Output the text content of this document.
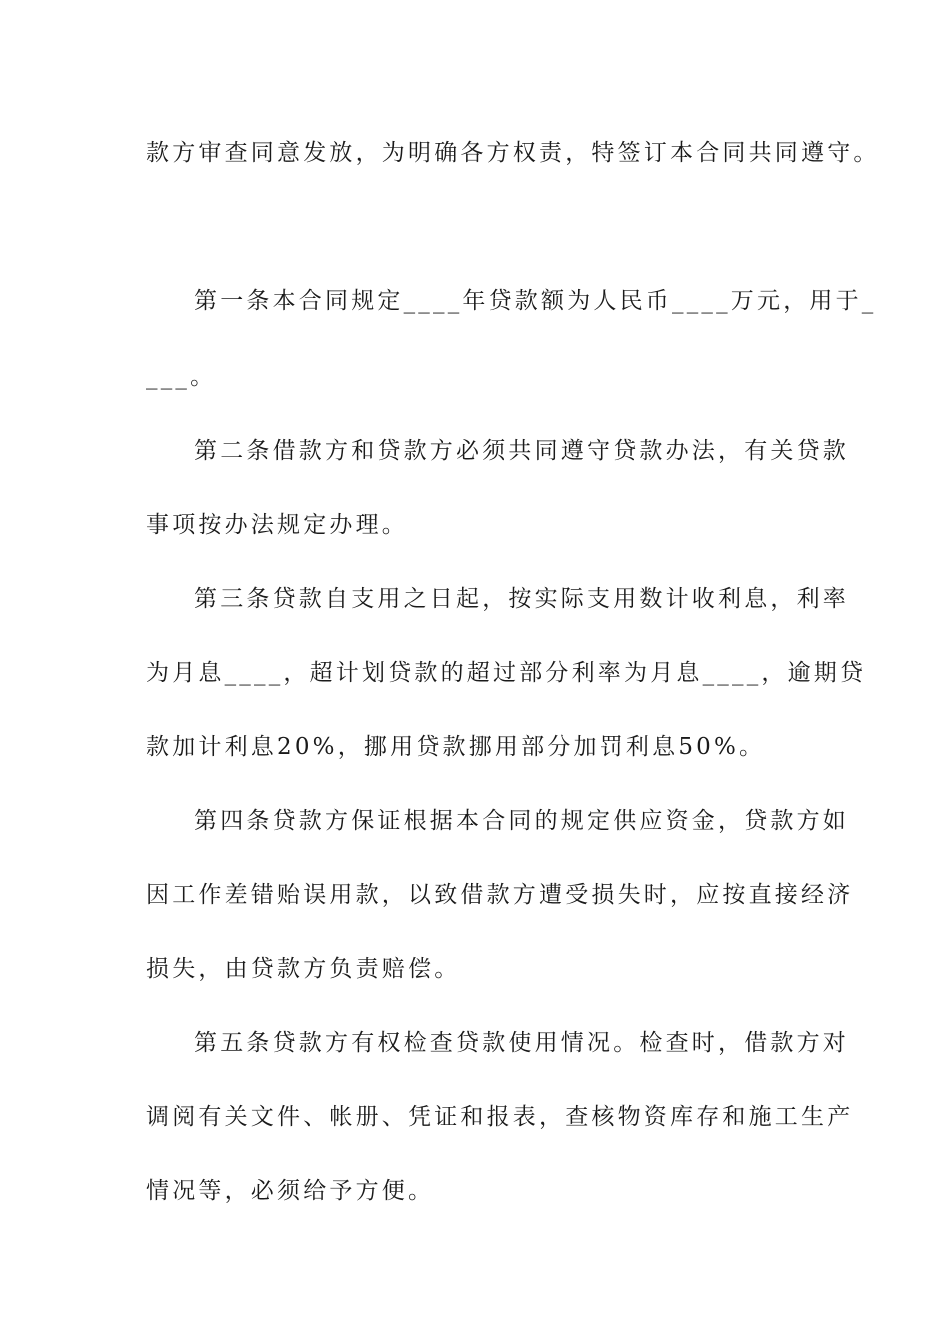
款方审查同意发放，为明确各方权责，特签订本合同共同遵守。
第一条本合同规定____年贷款额为人民币____万元，用于_
___。
第二条借款方和贷款方必须共同遵守贷款办法，有关贷款
事项按办法规定办理。
第三条贷款自支用之日起，按实际支用数计收利息，利率
为月息____，超计划贷款的超过部分利率为月息____，逾期贷
款加计利息20%，挪用贷款挪用部分加罚利息50%。
第四条贷款方保证根据本合同的规定供应资金，贷款方如
因工作差错贻误用款，以致借款方遭受损失时，应按直接经济
损失，由贷款方负责赔偿。
第五条贷款方有权检查贷款使用情况。检查时，借款方对
调阅有关文件、帐册、凭证和报表，查核物资库存和施工生产
情况等，必须给予方便。
